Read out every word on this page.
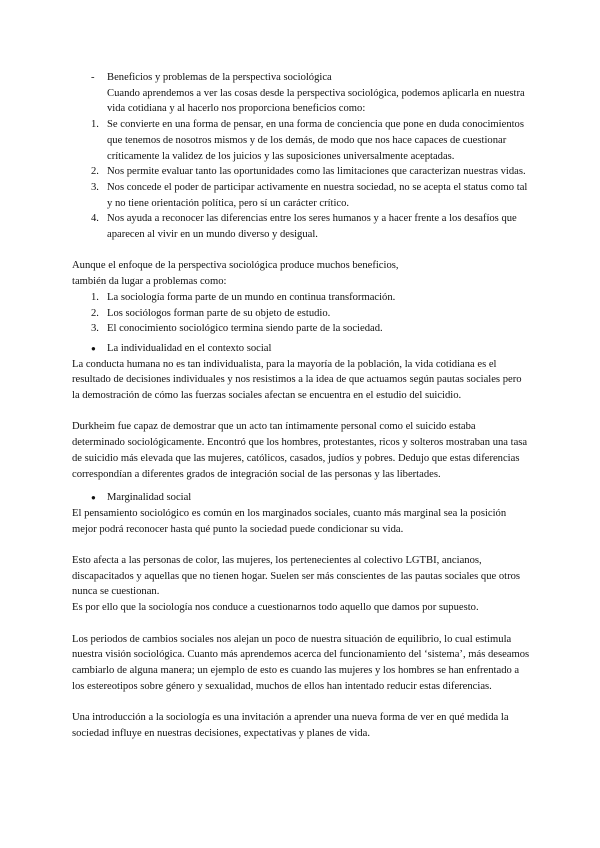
- Beneficios y problemas de la perspectiva sociológica

Cuando aprendemos a ver las cosas desde la perspectiva sociológica, podemos aplicarla en nuestra vida cotidiana y al hacerlo nos proporciona beneficios como:

1. Se convierte en una forma de pensar, en una forma de conciencia que pone en duda conocimientos que tenemos de nosotros mismos y de los demás, de modo que nos hace capaces de cuestionar críticamente la validez de los juicios y las suposiciones universalmente aceptadas.
2. Nos permite evaluar tanto las oportunidades como las limitaciones que caracterizan nuestras vidas.
3. Nos concede el poder de participar activamente en nuestra sociedad, no se acepta el status como tal y no tiene orientación política, pero sí un carácter crítico.
4. Nos ayuda a reconocer las diferencias entre los seres humanos y a hacer frente a los desafíos que aparecen al vivir en un mundo diverso y desigual.

Aunque el enfoque de la perspectiva sociológica produce muchos beneficios, también da lugar a problemas como:

1. La sociología forma parte de un mundo en continua transformación.
2. Los sociólogos forman parte de su objeto de estudio.
3. El conocimiento sociológico termina siendo parte de la sociedad.
● La individualidad en el contexto social

La conducta humana no es tan individualista, para la mayoría de la población, la vida cotidiana es el resultado de decisiones individuales y nos resistimos a la idea de que actuamos según pautas sociales pero la demostración de cómo las fuerzas sociales afectan se encuentra en el estudio del suicidio.

Durkheim fue capaz de demostrar que un acto tan íntimamente personal como el suicido estaba determinado sociológicamente. Encontró que los hombres, protestantes, ricos y solteros mostraban una tasa de suicidio más elevada que las mujeres, católicos, casados, judíos y pobres. Dedujo que estas diferencias correspondían a diferentes grados de integración social de las personas y las libertades.

● Marginalidad social

El pensamiento sociológico es común en los marginados sociales, cuanto más marginal sea la posición mejor podrá reconocer hasta qué punto la sociedad puede condicionar su vida.

Esto afecta a las personas de color, las mujeres, los pertenecientes al colectivo LGTBI, ancianos, discapacitados y aquellas que no tienen hogar. Suelen ser más conscientes de las pautas sociales que otros nunca se cuestionan.

Es por ello que la sociología nos conduce a cuestionarnos todo aquello que damos por supuesto.

Los periodos de cambios sociales nos alejan un poco de nuestra situación de equilibrio, lo cual estimula nuestra visión sociológica. Cuanto más aprendemos acerca del funcionamiento del ‘sistema’, más deseamos cambiarlo de alguna manera; un ejemplo de esto es cuando las mujeres y los hombres se han enfrentado a los estereotipos sobre género y sexualidad, muchos de ellos han intentado reducir estas diferencias.

Una introducción a la sociología es una invitación a aprender una nueva forma de ver en qué medida la sociedad influye en nuestras decisiones, expectativas y planes de vida.
